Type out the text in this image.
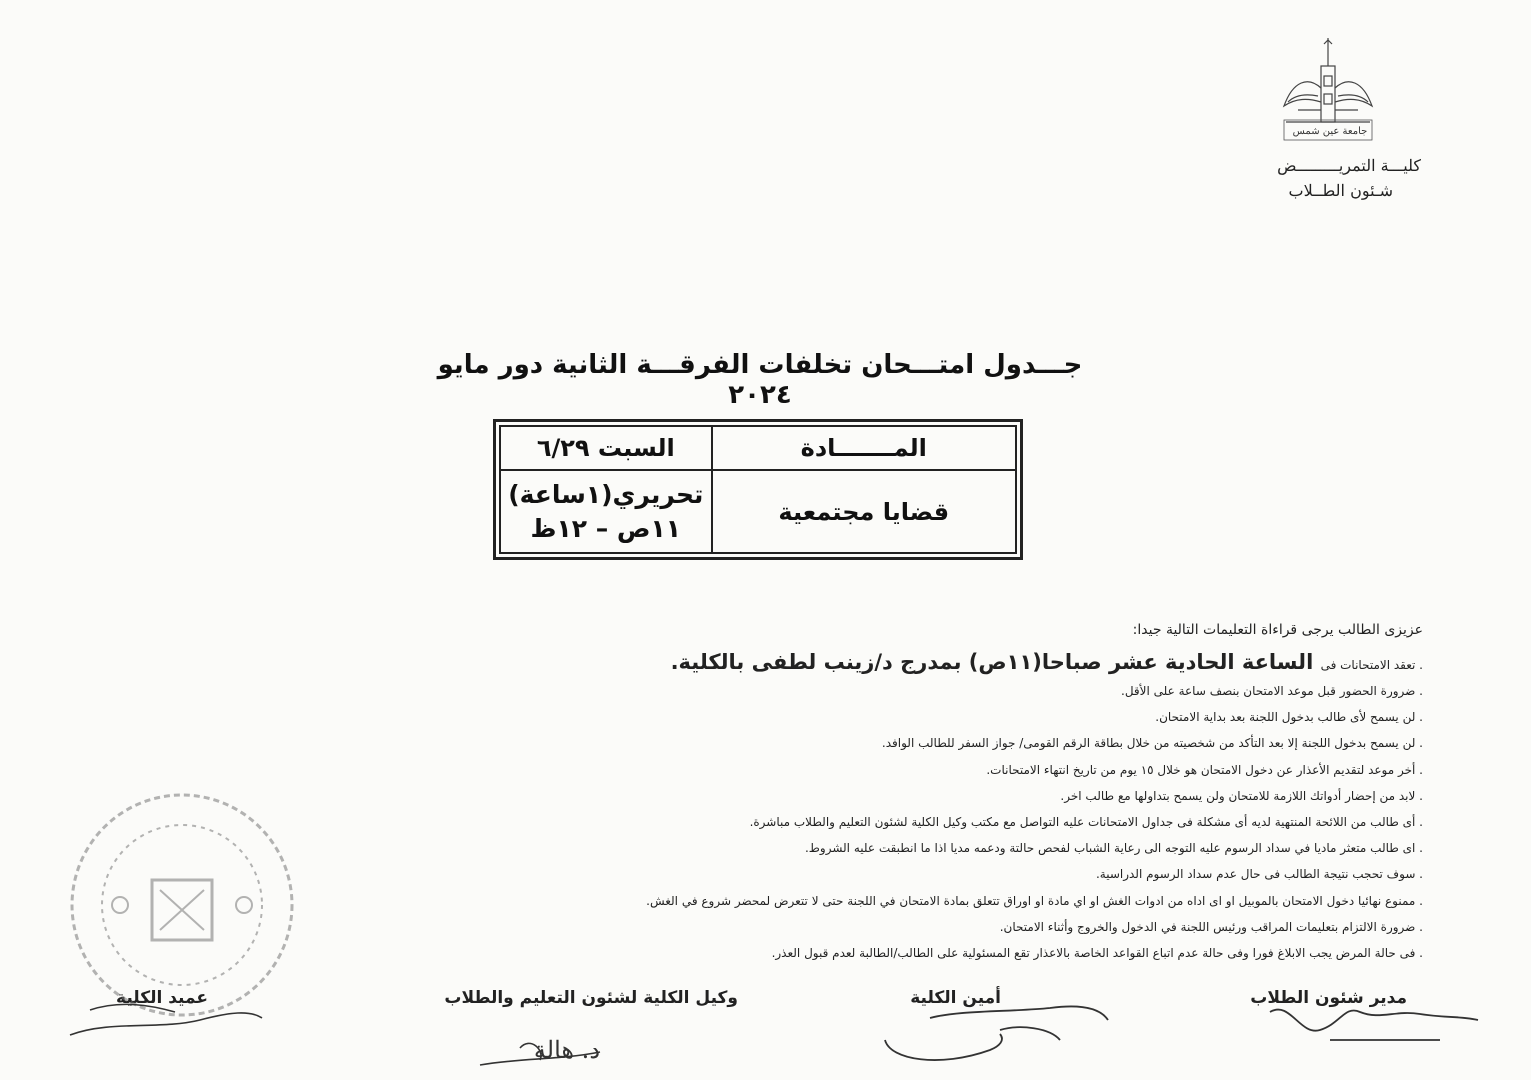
جامعة عين شمس
كليـــة التمريـــــــــض
شـئون الطــلاب
جـــدول امتـــحان تخلفات الفرقـــة الثانية دور مايو ٢٠٢٤
المـــــــادة	السبت ٦/٢٩
قضايا مجتمعية	تحريري(١ساعة)
١١ص – ١٢ظ
عزيزى الطالب يرجى قراءاة التعليمات التالية جيدا:
. تعقد الامتحانات فى الساعة الحادية عشر صباحا(١١ص) بمدرج د/زينب لطفى بالكلية.
. ضرورة الحضور قبل موعد الامتحان بنصف ساعة على الأقل.
. لن يسمح لأى طالب بدخول اللجنة بعد بداية الامتحان.
. لن يسمح بدخول اللجنة إلا بعد التأكد من شخصيته من خلال بطاقة الرقم القومى/ جواز السفر للطالب الوافد.
. أخر موعد لتقديم الأعذار عن دخول الامتحان هو خلال ١٥ يوم من تاريخ انتهاء الامتحانات.
. لابد من إحضار أدواتك اللازمة للامتحان ولن يسمح بتداولها مع طالب اخر.
. أى طالب من اللائحة المنتهية لديه أى مشكلة فى جداول الامتحانات عليه التواصل مع مكتب وكيل الكلية لشئون التعليم والطلاب مباشرة.
. اى طالب متعثر ماديا في سداد الرسوم عليه التوجه الى رعاية الشباب لفحص حالتة ودعمه مديا اذا ما انطبقت عليه الشروط.
. سوف تحجب نتيجة الطالب فى حال عدم سداد الرسوم الدراسية.
. ممنوع نهائيا دخول الامتحان بالموبيل او اى اداه من ادوات الغش او اي مادة او اوراق تتعلق بمادة الامتحان في اللجنة حتى لا تتعرض لمحضر شروع في الغش.
. ضرورة الالتزام بتعليمات المراقب ورئيس اللجنة في الدخول والخروج وأثناء الامتحان.
. فى حالة المرض يجب الابلاغ فورا وفى حالة عدم اتباع القواعد الخاصة بالاعذار تقع المسئولية على الطالب/الطالبة لعدم قبول العذر.
مدير شئون الطلاب
أمين الكلية
وكيل الكلية لشئون التعليم والطلاب
عميد الكلية
د. هالة
